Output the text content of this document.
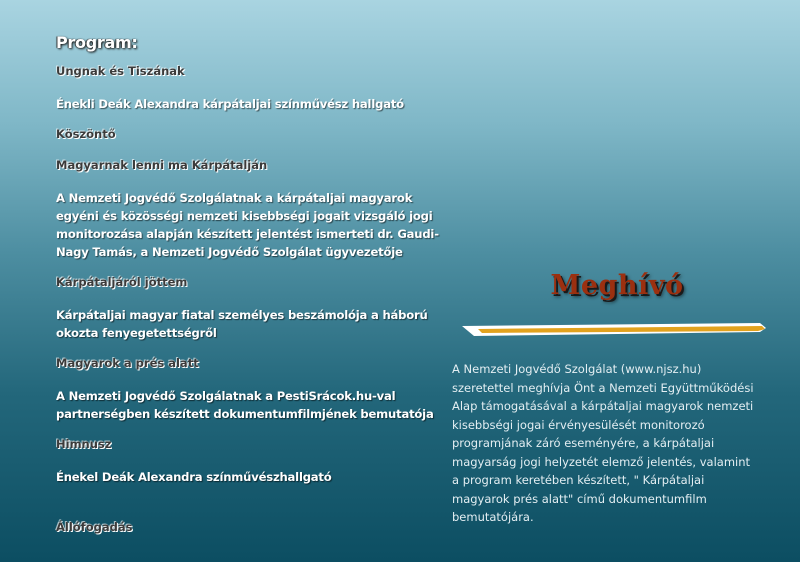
Program:

Ungnak és Tiszának

Énekli Deák Alexandra kárpátaljai színművész hallgató

Köszöntő

Magyarnak lenni ma Kárpátalján

A Nemzeti Jogvédő Szolgálatnak a kárpátaljai magyarok egyéni és közösségi nemzeti kisebbségi jogait vizsgáló jogi monitorozása alapján készített jelentést ismerteti dr. Gaudi-Nagy Tamás, a Nemzeti Jogvédő Szolgálat ügyvezetője

Kárpátaljáról jöttem

Kárpátaljai magyar fiatal személyes beszámolója a háború okozta fenyegetettségről

Magyarok a prés alatt

A Nemzeti Jogvédő Szolgálatnak a PestiSrácok.hu-val partnerségben készített dokumentumfilmjének bemutatója

Himnusz

Énekel Deák Alexandra színművészhallgató

Állófogadás

Meghívó

A Nemzeti Jogvédő Szolgálat (www.njsz.hu) szeretettel meghívja Önt a Nemzeti Együttműködési Alap támogatásával a kárpátaljai magyarok nemzeti kisebbségi jogai érvényesülését monitorozó programjának záró eseményére, a kárpátaljai magyarság jogi helyzetét elemző jelentés, valamint a program keretében készített, " Kárpátaljai magyarok prés alatt" című dokumentumfilm bemutatójára.
